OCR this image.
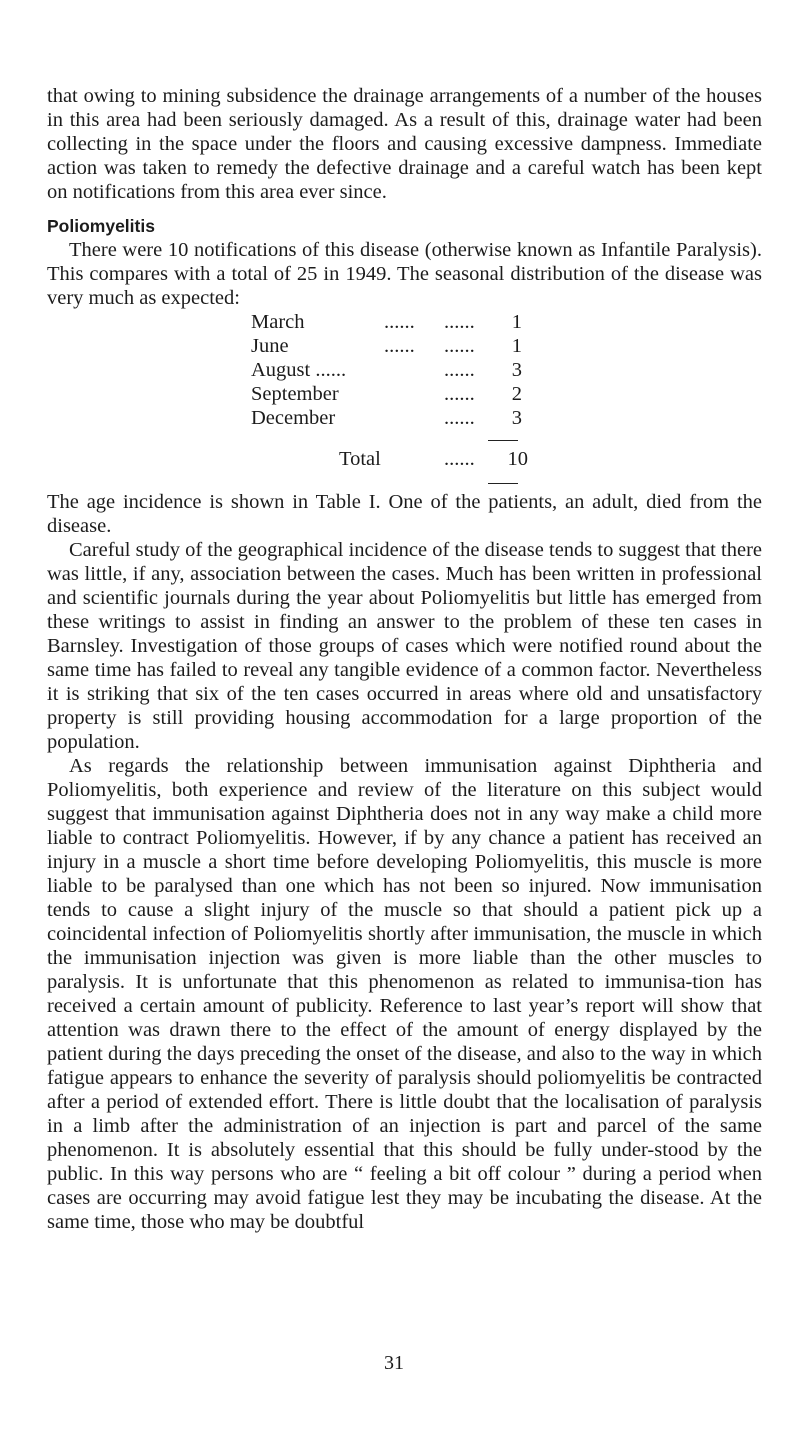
that owing to mining subsidence the drainage arrangements of a number of the houses in this area had been seriously damaged. As a result of this, drainage water had been collecting in the space under the floors and causing excessive dampness. Immediate action was taken to remedy the defective drainage and a careful watch has been kept on notifications from this area ever since.

Poliomyelitis

There were 10 notifications of this disease (otherwise known as Infantile Paralysis). This compares with a total of 25 in 1949. The seasonal distribution of the disease was very much as expected:

March	......	......	1
June	......	......	1
August ......	......	3
September	......	2
December	......	3
Total	......	10

The age incidence is shown in Table I. One of the patients, an adult, died from the disease.

Careful study of the geographical incidence of the disease tends to suggest that there was little, if any, association between the cases. Much has been written in professional and scientific journals during the year about Poliomyelitis but little has emerged from these writings to assist in finding an answer to the problem of these ten cases in Barnsley. Investigation of those groups of cases which were notified round about the same time has failed to reveal any tangible evidence of a common factor. Nevertheless it is striking that six of the ten cases occurred in areas where old and unsatisfactory property is still providing housing accommodation for a large proportion of the population.

As regards the relationship between immunisation against Diphtheria and Poliomyelitis, both experience and review of the literature on this subject would suggest that immunisation against Diphtheria does not in any way make a child more liable to contract Poliomyelitis. However, if by any chance a patient has received an injury in a muscle a short time before developing Poliomyelitis, this muscle is more liable to be paralysed than one which has not been so injured. Now immunisation tends to cause a slight injury of the muscle so that should a patient pick up a coincidental infection of Poliomyelitis shortly after immunisation, the muscle in which the immunisation injection was given is more liable than the other muscles to paralysis. It is unfortunate that this phenomenon as related to immunisa-tion has received a certain amount of publicity. Reference to last year’s report will show that attention was drawn there to the effect of the amount of energy displayed by the patient during the days preceding the onset of the disease, and also to the way in which fatigue appears to enhance the severity of paralysis should poliomyelitis be contracted after a period of extended effort. There is little doubt that the localisation of paralysis in a limb after the administration of an injection is part and parcel of the same phenomenon. It is absolutely essential that this should be fully under-stood by the public. In this way persons who are “ feeling a bit off colour ” during a period when cases are occurring may avoid fatigue lest they may be incubating the disease. At the same time, those who may be doubtful

31
